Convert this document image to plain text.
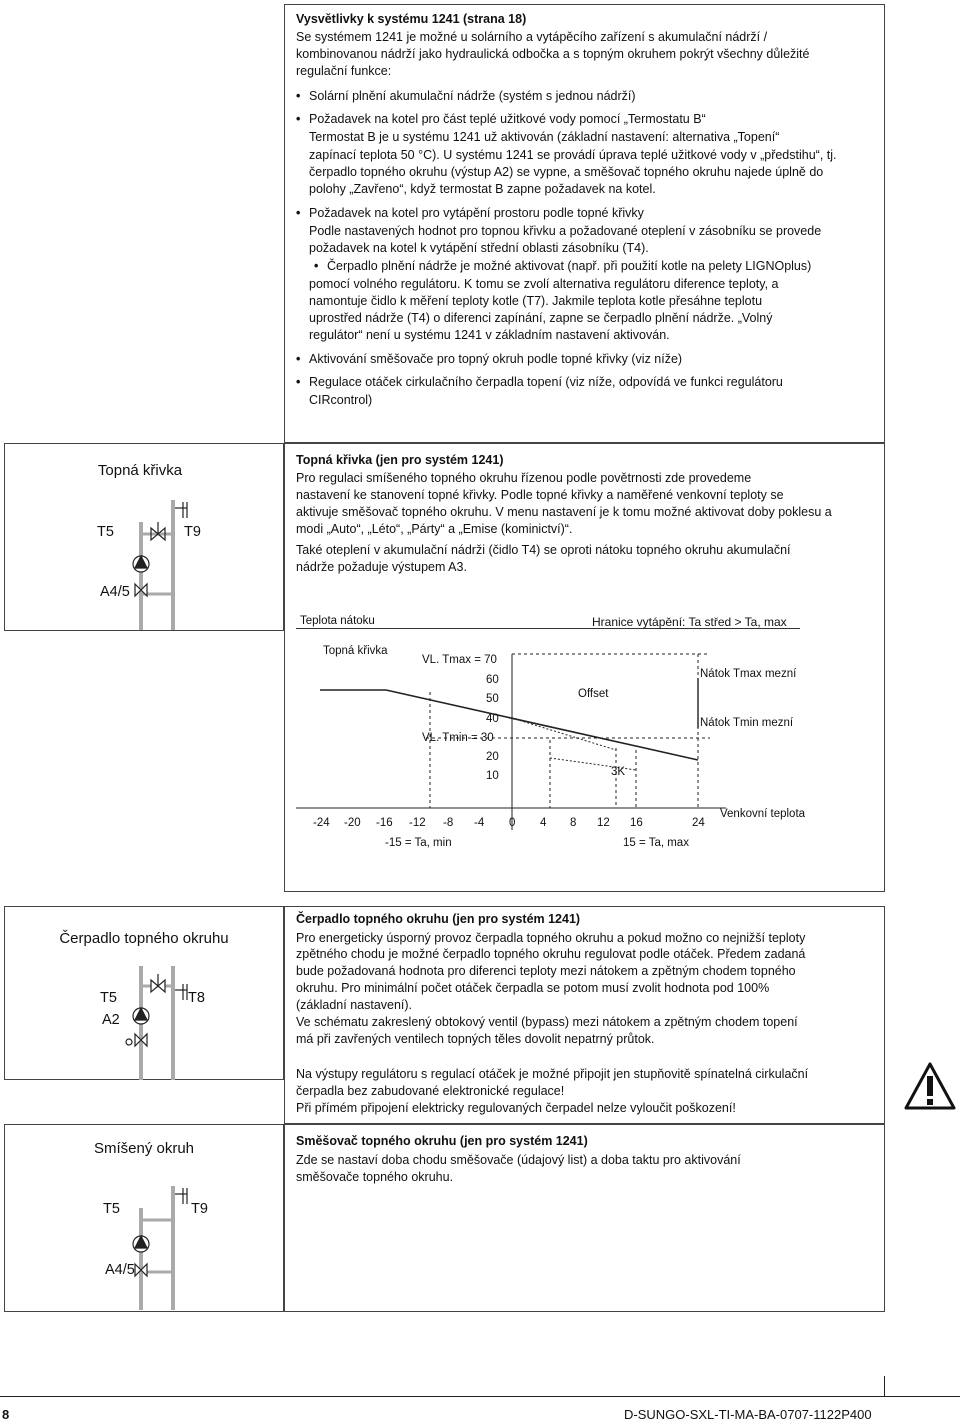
Vysvětlivky k systému 1241 (strana 18)
Se systémem 1241 je možné u solárního a vytápěcího zařízení s akumulační nádrží /
kombinovanou nádrží jako hydraulická odbočka a s topným okruhem pokrýt všechny důležité
regulační funkce:
• Solární plnění akumulační nádrže (systém s jednou nádrží)
• Požadavek na kotel pro část teplé užitkové vody pomocí „Termostatu B“
Termostat B je u systému 1241 už aktivován (základní nastavení: alternativa „Topení“
zapínací teplota 50 °C). U systému 1241 se provádí úprava teplé užitkové vody v „předstihu“, tj.
čerpadlo topného okruhu (výstup A2) se vypne, a směšovač topného okruhu najede úplně do
polohy „Zavřeno“, když termostat B zapne požadavek na kotel.
• Požadavek na kotel pro vytápění prostoru podle topné křivky
Podle nastavených hodnot pro topnou křivku a požadované oteplení v zásobníku se provede
požadavek na kotel k vytápění střední oblasti zásobníku (T4).
• Čerpadlo plnění nádrže je možné aktivovat (např. při použití kotle na pelety LIGNOplus)
pomocí volného regulátoru. K tomu se zvolí alternativa regulátoru diference teploty, a
namontuje čidlo k měření teploty kotle (T7). Jakmile teplota kotle přesáhne teplotu
uprostřed nádrže (T4) o diferenci zapínání, zapne se čerpadlo plnění nádrže. „Volný
regulátor“ není u systému 1241 v základním nastavení aktivován.
• Aktivování směšovače pro topný okruh podle topné křivky (viz níže)
• Regulace otáček cirkulačního čerpadla topení (viz níže, odpovídá ve funkci regulátoru
CIRcontrol)
Topná křivka
T5	T9
A4/5
Topná křivka (jen pro systém 1241)
Pro regulaci smíšeného topného okruhu řízenou podle povětrnosti zde provedeme
nastavení ke stanovení topné křivky. Podle topné křivky a naměřené venkovní teploty se
aktivuje směšovač topného okruhu. V menu nastavení je k tomu možné aktivovat doby poklesu a
modi „Auto“, „Léto“, „Párty“ a „Emise (kominictví)“.
Také oteplení v akumulační nádrži (čidlo T4) se oproti nátoku topného okruhu akumulační
nádrže požaduje výstupem A3.
Teplota nátoku	Hranice vytápění: Ta střed > Ta, max
Topná křivka
VL. Tmax = 70
60
50
40
VL. Tmin = 30
20
10
Offset
3K
Nátok Tmax mezní
Nátok Tmin mezní
Venkovní teplota
-24 -20 -16 -12 -8 -4 0 4 8 12 16	24
-15 = Ta, min	15 = Ta, max
Čerpadlo topného okruhu
T5
A2
T8
Čerpadlo topného okruhu (jen pro systém 1241)
Pro energeticky úsporný provoz čerpadla topného okruhu a pokud možno co nejnižší teploty
zpětného chodu je možné čerpadlo topného okruhu regulovat podle otáček. Předem zadaná
bude požadovaná hodnota pro diferenci teploty mezi nátokem a zpětným chodem topného
okruhu. Pro minimální počet otáček čerpadla se potom musí zvolit hodnota pod 100%
(základní nastavení).
Ve schématu zakreslený obtokový ventil (bypass) mezi nátokem a zpětným chodem topení
má při zavřených ventilech topných těles dovolit nepatrný průtok.
Na výstupy regulátoru s regulací otáček je možné připojit jen stupňovitě spínatelná cirkulační
čerpadla bez zabudované elektronické regulace!
Při přímém připojení elektricky regulovaných čerpadel nelze vyloučit poškození!
Smíšený okruh
T5	T9
A4/5
Směšovač topného okruhu (jen pro systém 1241)
Zde se nastaví doba chodu směšovače (údajový list) a doba taktu pro aktivování
směšovače topného okruhu.
8	D-SUNGO-SXL-TI-MA-BA-0707-1122P400
